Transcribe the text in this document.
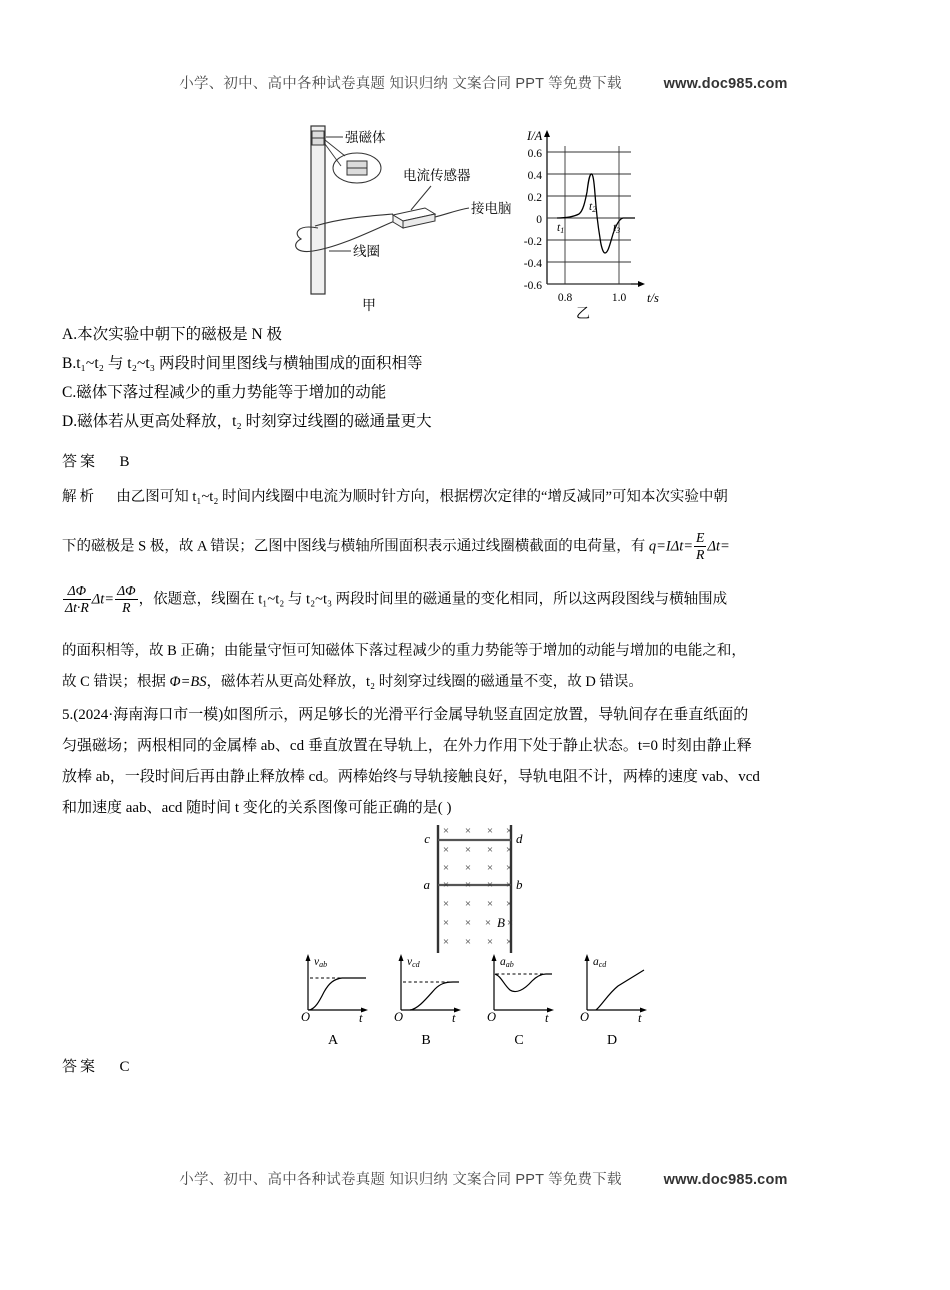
小学、初中、高中各种试卷真题 知识归纳 文案合同 PPT 等免费下载	www.doc985.com

强磁体
线圈
电流传感器
接电脑
甲
0.6
0.4
0.2
0
-0.2
-0.4
-0.6
I/A
t/s
0.8	1.0
t1
t2
t3
乙
A.本次实验中朝下的磁极是 N 极
B.t₁~t₂ 与 t₂~t₃ 两段时间里图线与横轴围成的面积相等
C.磁体下落过程减少的重力势能等于增加的动能
D.磁体若从更高处释放，t₂ 时刻穿过线圈的磁通量更大
答案 B

解析 由乙图可知 t₁~t₂ 时间内线圈中电流为顺时针方向，根据楞次定律的“增反减同”可知本次实验中朝

下的磁极是 S 极，故 A 错误；乙图中图线与横轴所围面积表示通过线圈横截面的电荷量，有 $q=I\Delta t= \frac{E}{R} \Delta t=$

$\frac{\Delta\Phi}{\Delta t\cdot R} \Delta t= \frac{\Delta\Phi}{R}$ ，依题意，线圈在 t₁~t₂ 与 t₂~t₃ 两段时间里的磁通量的变化相同，所以这两段图线与横轴围成

的面积相等，故 B 正确；由能量守恒可知磁体下落过程减少的重力势能等于增加的动能与增加的电能之和，

故 C 错误；根据 Φ=BS，磁体若从更高处释放，t₂ 时刻穿过线圈的磁通量不变，故 D 错误。

5.(2024·海南海口市一模)如图所示，两足够长的光滑平行金属导轨竖直固定放置，导轨间存在垂直纸面的

匀强磁场；两根相同的金属棒 ab、cd 垂直放置在导轨上，在外力作用下处于静止状态。t=0 时刻由静止释

放棒 ab，一段时间后再由静止释放棒 cd。两棒始终与导轨接触良好，导轨电阻不计，两棒的速度 vab、vcd

和加速度 aab、acd 随时间 t 变化的关系图像可能正确的是( )

× × × ×
× × × ×
× × × ×
× × × ×
× × × ×
× × × ×
× × × ×
B
c	d
a	b
O
vab
t
A
O
vcd
t
B
O
aab
t
C
O
acd
t
D
答案 C

小学、初中、高中各种试卷真题 知识归纳 文案合同 PPT 等免费下载	www.doc985.com
